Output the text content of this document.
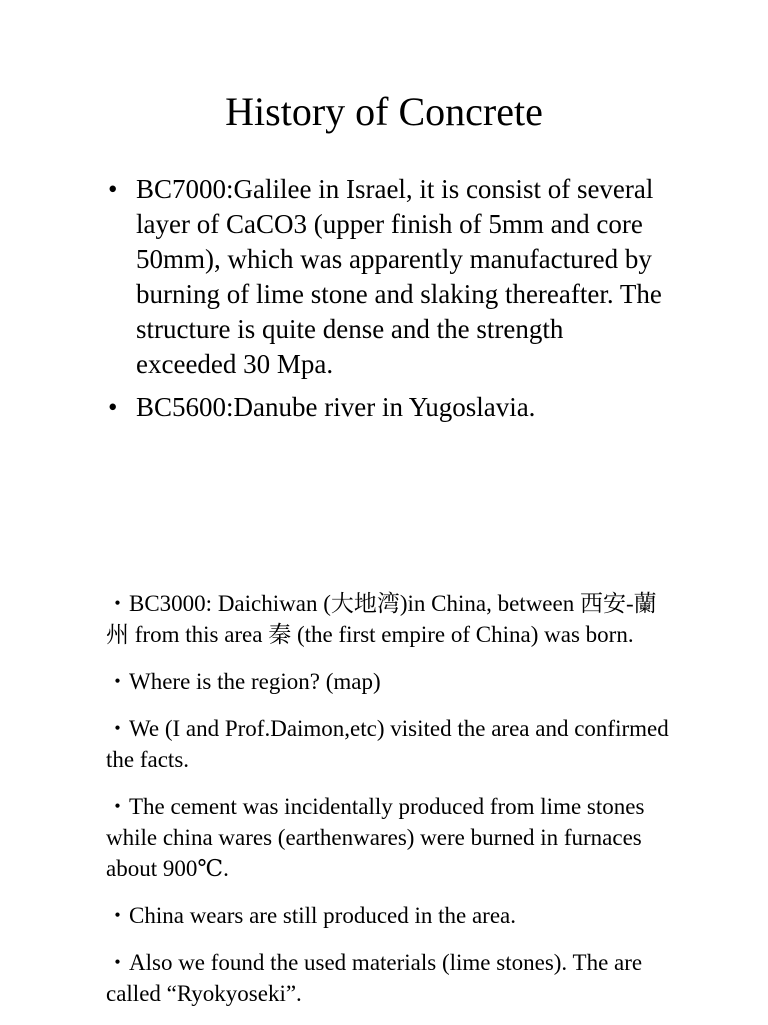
History of Concrete
• BC7000:Galilee in Israel, it is consist of several layer of CaCO3 (upper finish of 5mm and core 50mm), which was apparently manufactured by burning of lime stone and slaking thereafter. The structure is quite dense and the strength exceeded 30 Mpa.
• BC5600:Danube river in Yugoslavia.

・BC3000: Daichiwan (大地湾)in China, between 西安-蘭州 from this area 秦 (the first empire of China) was born.

・Where is the region? (map)

・We (I and Prof.Daimon,etc) visited the area and confirmed the facts.

・The cement was incidentally produced from lime stones while china wares (earthenwares) were burned in furnaces about 900℃.

・China wears are still produced in the area.

・Also we found the used materials (lime stones). The are called “Ryokyoseki”.
